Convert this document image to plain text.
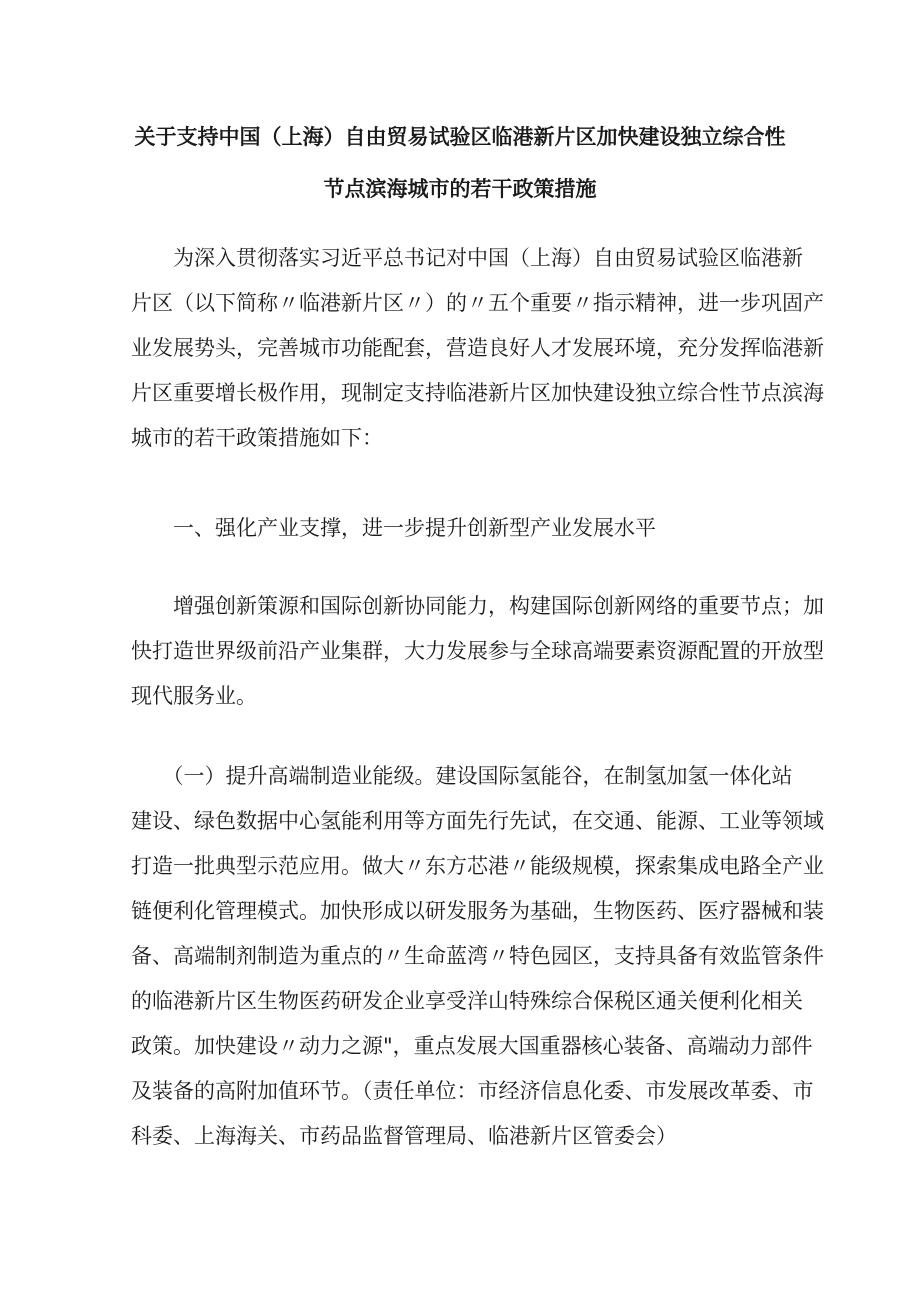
关于支持中国（上海）自由贸易试验区临港新片区加快建设独立综合性
节点滨海城市的若干政策措施
　　为深入贯彻落实习近平总书记对中国（上海）自由贸易试验区临港新
片区（以下简称〃临港新片区〃）的〃五个重要〃指示精神，进一步巩固产
业发展势头，完善城市功能配套，营造良好人才发展环境，充分发挥临港新
片区重要增长极作用，现制定支持临港新片区加快建设独立综合性节点滨海
城市的若干政策措施如下：
　　一、强化产业支撑，进一步提升创新型产业发展水平
　　增强创新策源和国际创新协同能力，构建国际创新网络的重要节点；加
快打造世界级前沿产业集群，大力发展参与全球高端要素资源配置的开放型
现代服务业。
　　（一）提升高端制造业能级。建设国际氢能谷，在制氢加氢一体化站
建设、绿色数据中心氢能利用等方面先行先试，在交通、能源、工业等领域
打造一批典型示范应用。做大〃东方芯港〃能级规模，探索集成电路全产业
链便利化管理模式。加快形成以研发服务为基础，生物医药、医疗器械和装
备、高端制剂制造为重点的〃生命蓝湾〃特色园区，支持具备有效监管条件
的临港新片区生物医药研发企业享受洋山特殊综合保税区通关便利化相关
政策。加快建设〃动力之源"，重点发展大国重器核心装备、高端动力部件
及装备的高附加值环节。（责任单位：市经济信息化委、市发展改革委、市
科委、上海海关、市药品监督管理局、临港新片区管委会）
